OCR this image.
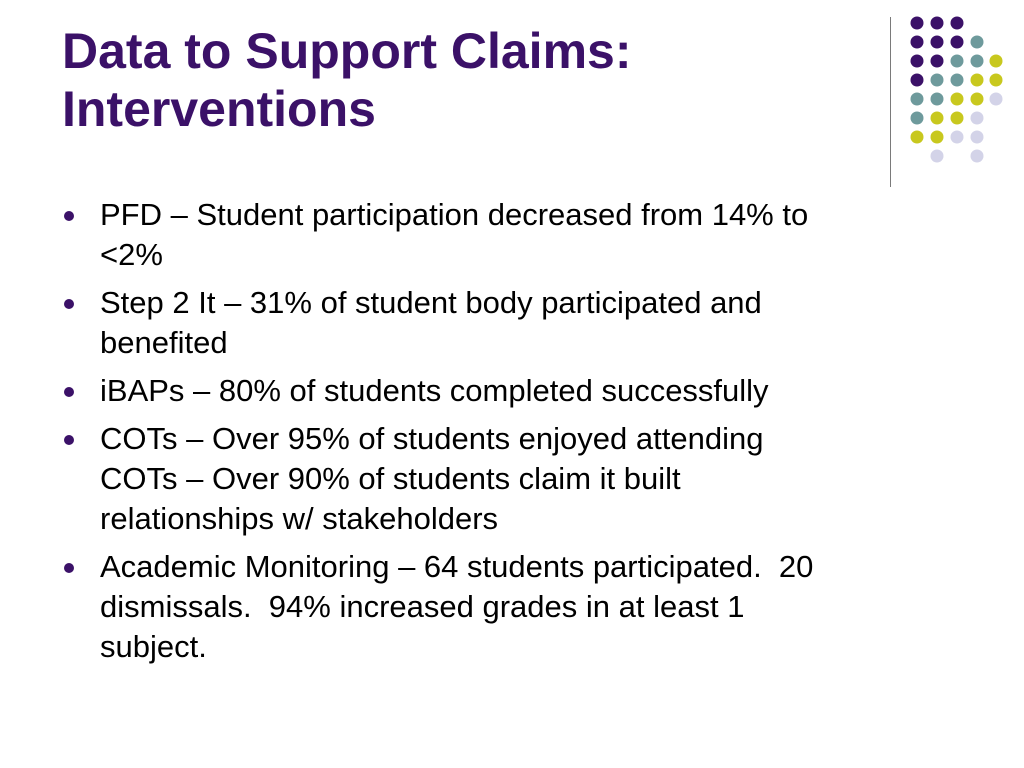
Data to Support Claims:
Interventions
PFD – Student participation decreased from 14% to
<2%
Step 2 It – 31% of student body participated and
benefited
iBAPs – 80% of students completed successfully
COTs – Over 95% of students enjoyed attending
COTs – Over 90% of students claim it built
relationships w/ stakeholders
Academic Monitoring – 64 students participated.  20
dismissals.  94% increased grades in at least 1
subject.
